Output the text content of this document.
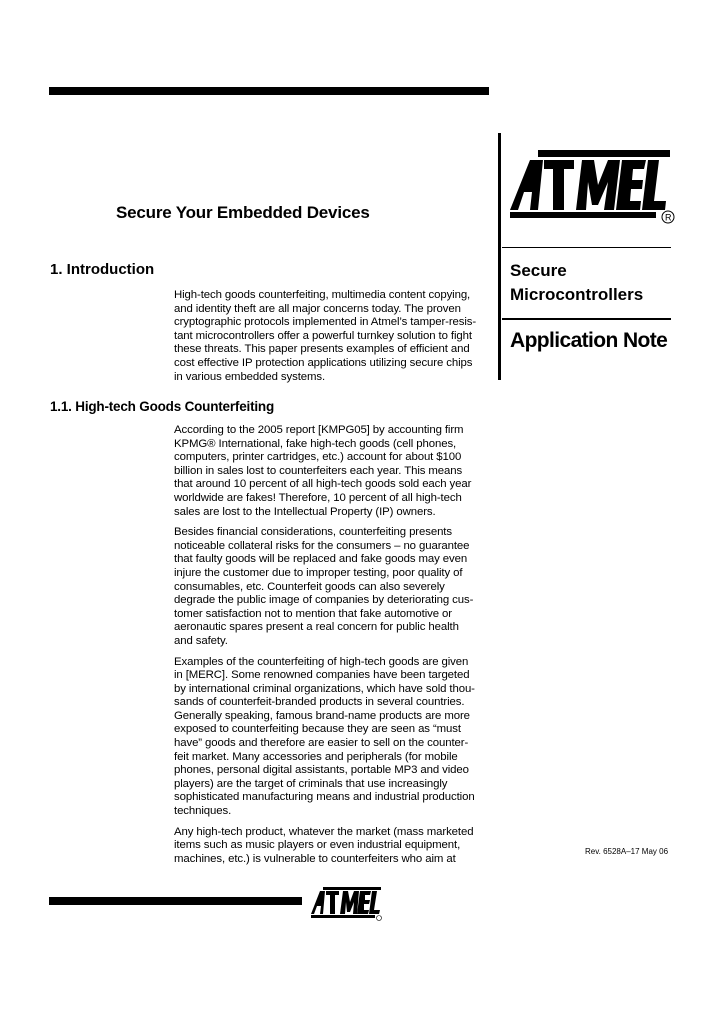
R
Secure
Microcontrollers
Application Note
Secure Your Embedded Devices
1. Introduction

High-tech goods counterfeiting, multimedia content copying,
and identity theft are all major concerns today. The proven
cryptographic protocols implemented in Atmel’s tamper-resis-
tant microcontrollers offer a powerful turnkey solution to fight
these threats. This paper presents examples of efficient and
cost effective IP protection applications utilizing secure chips
in various embedded systems.

1.1. High-tech Goods Counterfeiting

According to the 2005 report [KMPG05] by accounting firm
KPMG® International, fake high-tech goods (cell phones,
computers, printer cartridges, etc.) account for about $100
billion in sales lost to counterfeiters each year. This means
that around 10 percent of all high-tech goods sold each year
worldwide are fakes! Therefore, 10 percent of all high-tech
sales are lost to the Intellectual Property (IP) owners.

Besides financial considerations, counterfeiting presents
noticeable collateral risks for the consumers – no guarantee
that faulty goods will be replaced and fake goods may even
injure the customer due to improper testing, poor quality of
consumables, etc. Counterfeit goods can also severely
degrade the public image of companies by deteriorating cus-
tomer satisfaction not to mention that fake automotive or
aeronautic spares present a real concern for public health
and safety.

Examples of the counterfeiting of high-tech goods are given
in [MERC]. Some renowned companies have been targeted
by international criminal organizations, which have sold thou-
sands of counterfeit-branded products in several countries.
Generally speaking, famous brand-name products are more
exposed to counterfeiting because they are seen as “must
have” goods and therefore are easier to sell on the counter-
feit market. Many accessories and peripherals (for mobile
phones, personal digital assistants, portable MP3 and video
players) are the target of criminals that use increasingly
sophisticated manufacturing means and industrial production
techniques.

Any high-tech product, whatever the market (mass marketed
items such as music players or even industrial equipment,
machines, etc.) is vulnerable to counterfeiters who aim at

Rev. 6528A–17 May 06
